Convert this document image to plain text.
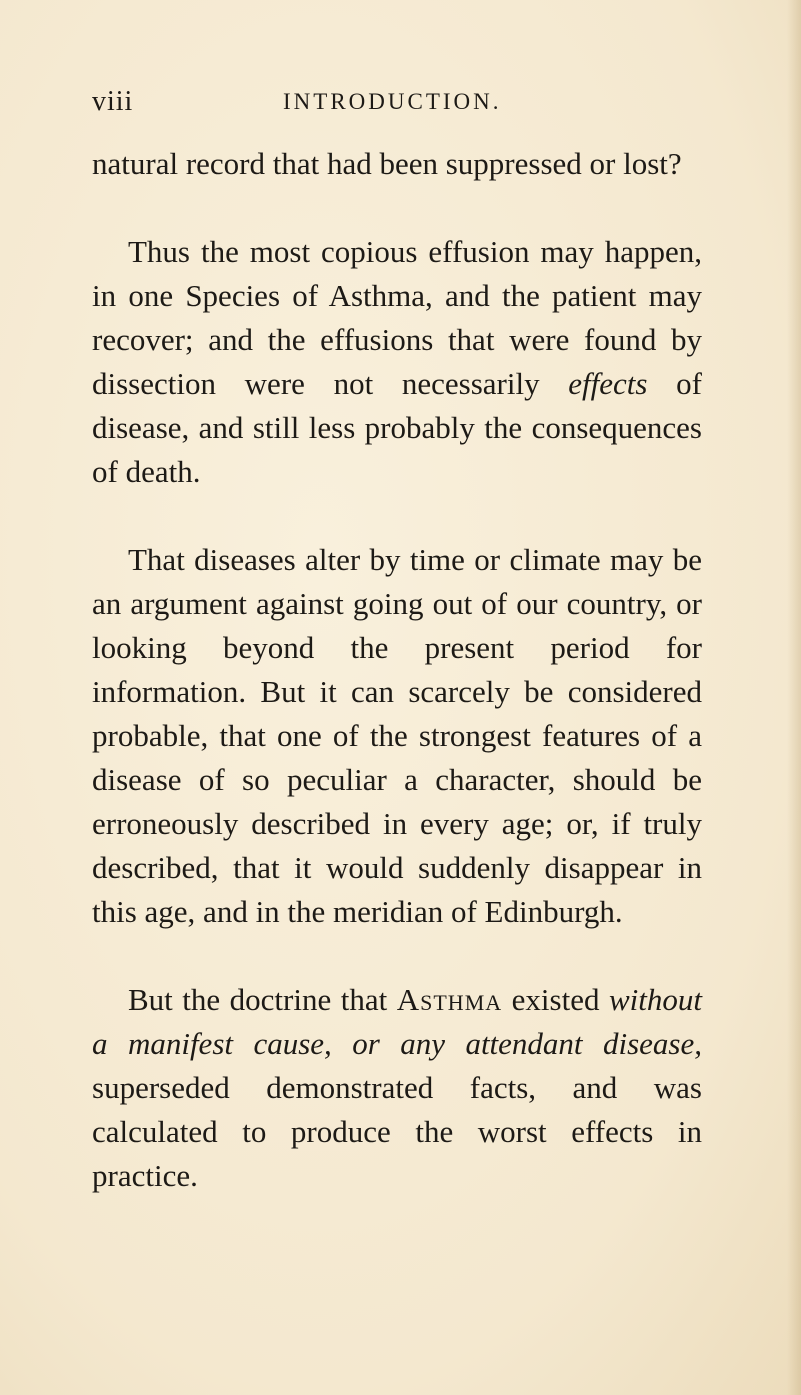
viii	INTRODUCTION.

natural record that had been suppressed or lost?

Thus the most copious effusion may happen, in one Species of Asthma, and the patient may recover; and the effusions that were found by dissection were not necessarily effects of disease, and still less probably the consequences of death.

That diseases alter by time or climate may be an argument against going out of our country, or looking beyond the present period for information. But it can scarcely be considered probable, that one of the strongest features of a disease of so peculiar a character, should be erroneously described in every age; or, if truly described, that it would suddenly disappear in this age, and in the meridian of Edinburgh.

But the doctrine that Asthma existed without a manifest cause, or any attendant disease, superseded demonstrated facts, and was calculated to produce the worst effects in practice.
